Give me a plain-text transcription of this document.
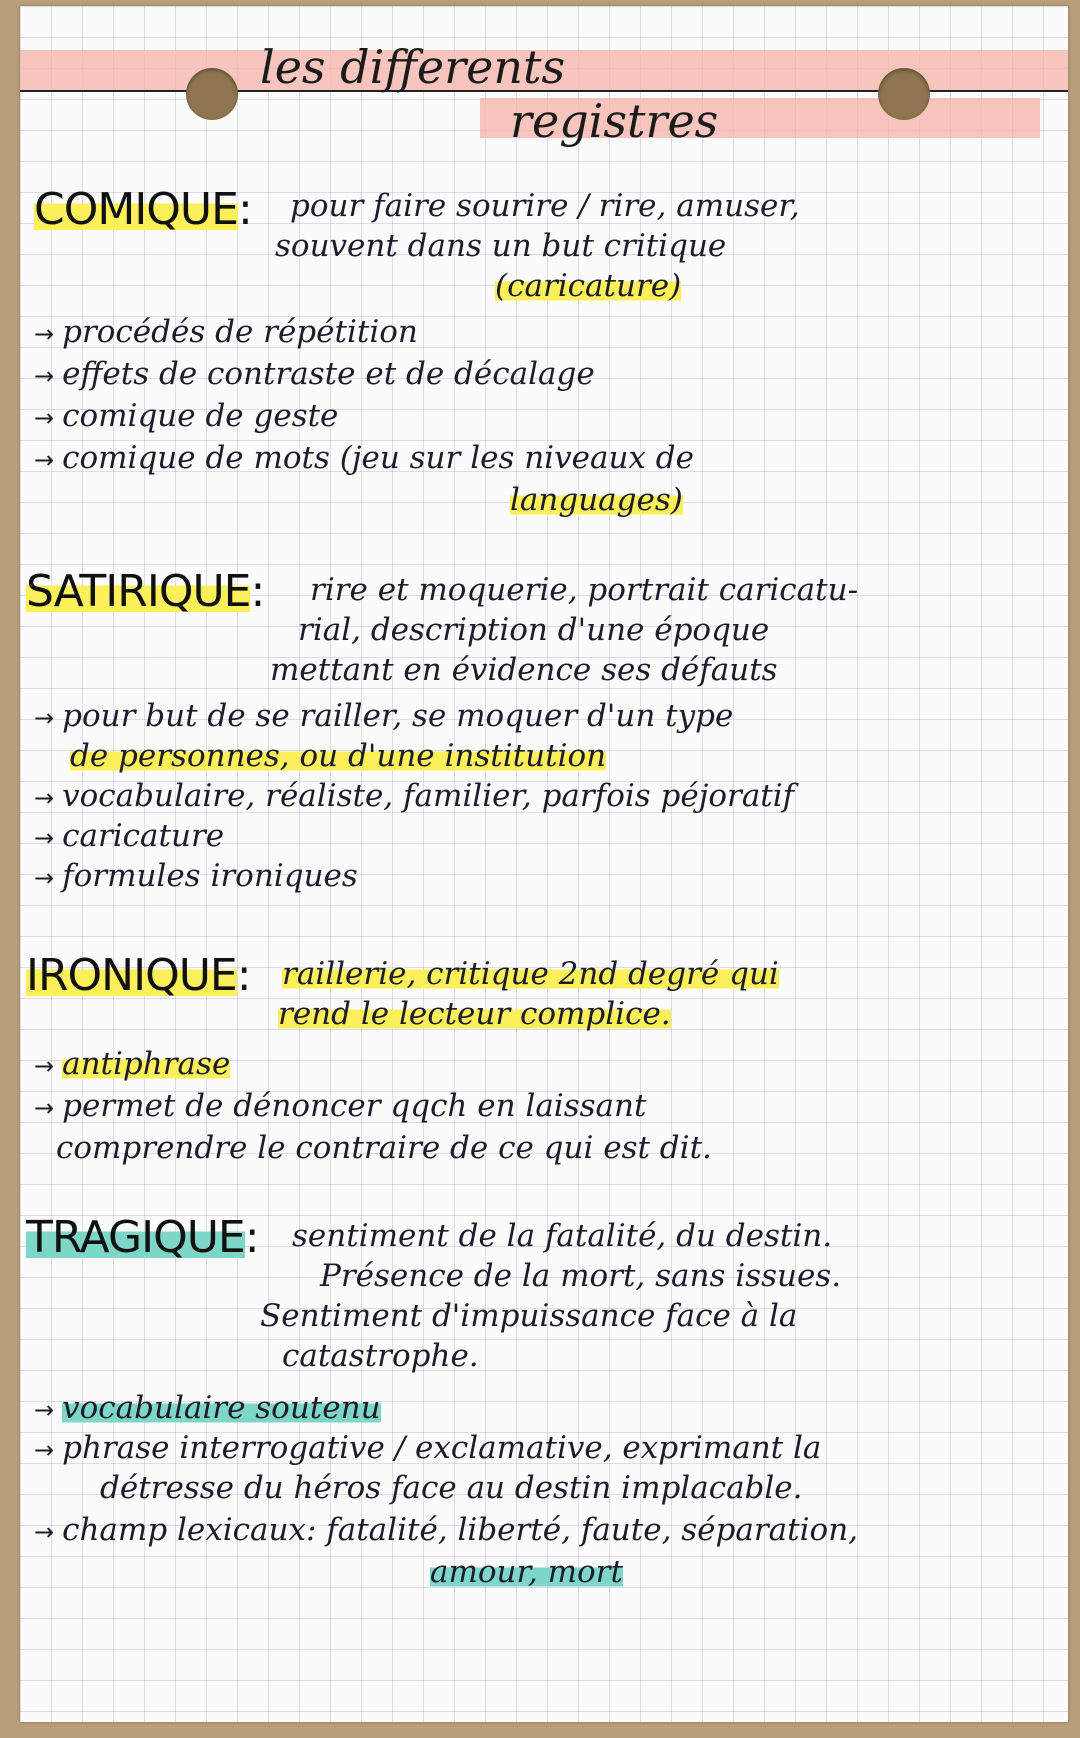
les differents
registres
COMIQUE: pour faire sourire / rire, amuser,
souvent dans un but critique
(caricature)
→ procédés de répétition
→ effets de contraste et de décalage
→ comique de geste
→ comique de mots (jeu sur les niveaux de
languages)
SATIRIQUE: rire et moquerie, portrait caricatu-
rial, description d'une époque
mettant en évidence ses défauts
→ pour but de se railler, se moquer d'un type
de personnes, ou d'une institution
→ vocabulaire, réaliste, familier, parfois péjoratif
→ caricature
→ formules ironiques
IRONIQUE: raillerie, critique 2nd degré qui
rend le lecteur complice.
→ antiphrase
→ permet de dénoncer qqch en laissant
comprendre le contraire de ce qui est dit.
TRAGIQUE: sentiment de la fatalité, du destin.
Présence de la mort, sans issues.
Sentiment d'impuissance face à la
catastrophe.
→ vocabulaire soutenu
→ phrase interrogative / exclamative, exprimant la
détresse du héros face au destin implacable.
→ champ lexicaux: fatalité, liberté, faute, séparation,
amour, mort
